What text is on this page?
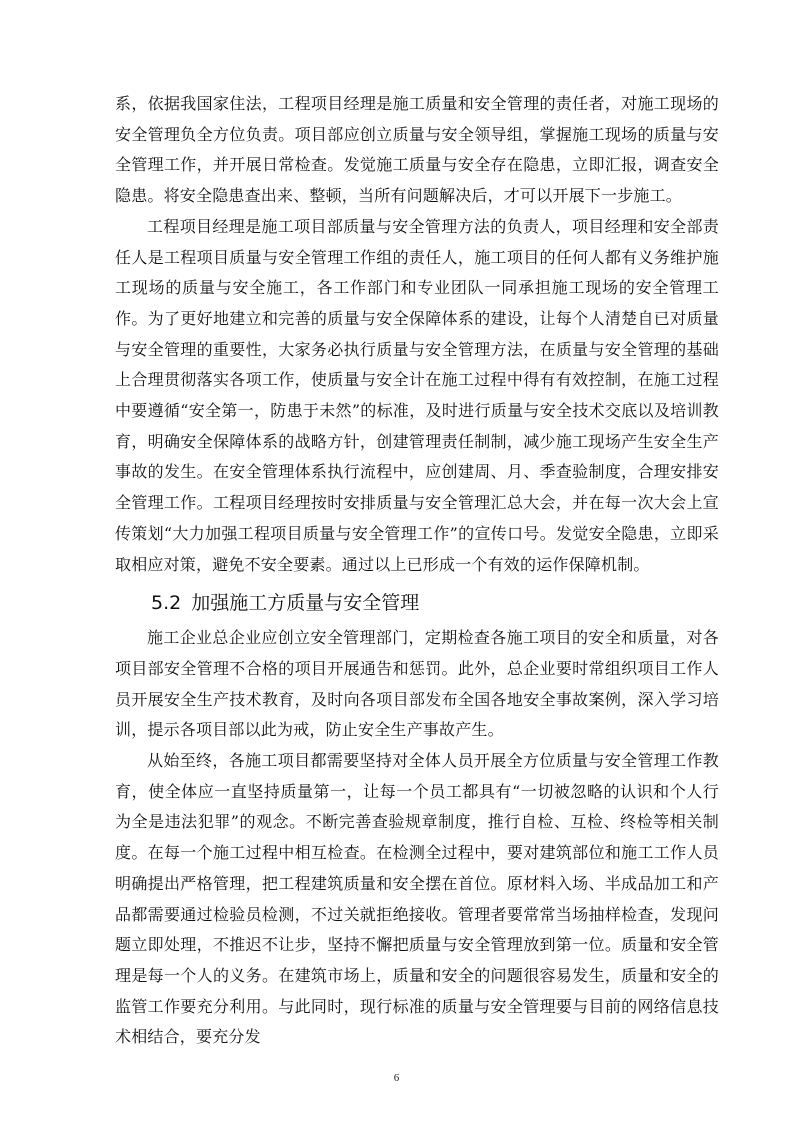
系，依据我国家住法，工程项目经理是施工质量和安全管理的责任者，对施工现场的安全管理负全方位负责。项目部应创立质量与安全领导组，掌握施工现场的质量与安全管理工作，并开展日常检查。发觉施工质量与安全存在隐患，立即汇报，调查安全隐患。将安全隐患查出来、整顿，当所有问题解决后，才可以开展下一步施工。

工程项目经理是施工项目部质量与安全管理方法的负责人，项目经理和安全部责任人是工程项目质量与安全管理工作组的责任人，施工项目的任何人都有义务维护施工现场的质量与安全施工，各工作部门和专业团队一同承担施工现场的安全管理工作。为了更好地建立和完善的质量与安全保障体系的建设，让每个人清楚自已对质量与安全管理的重要性，大家务必执行质量与安全管理方法，在质量与安全管理的基础上合理贯彻落实各项工作，使质量与安全计在施工过程中得有有效控制，在施工过程中要遵循“安全第一，防患于未然”的标准，及时进行质量与安全技术交底以及培训教育，明确安全保障体系的战略方针，创建管理责任制制，减少施工现场产生安全生产事故的发生。在安全管理体系执行流程中，应创建周、月、季查验制度，合理安排安全管理工作。工程项目经理按时安排质量与安全管理汇总大会，并在每一次大会上宣传策划“大力加强工程项目质量与安全管理工作”的宣传口号。发觉安全隐患，立即采取相应对策，避免不安全要素。通过以上已形成一个有效的运作保障机制。

5.2 加强施工方质量与安全管理

施工企业总企业应创立安全管理部门，定期检查各施工项目的安全和质量，对各项目部安全管理不合格的项目开展通告和惩罚。此外，总企业要时常组织项目工作人员开展安全生产技术教育，及时向各项目部发布全国各地安全事故案例，深入学习培训，提示各项目部以此为戒，防止安全生产事故产生。

从始至终，各施工项目都需要坚持对全体人员开展全方位质量与安全管理工作教育，使全体应一直坚持质量第一，让每一个员工都具有“一切被忽略的认识和个人行为全是违法犯罪”的观念。不断完善查验规章制度，推行自检、互检、终检等相关制度。在每一个施工过程中相互检查。在检测全过程中，要对建筑部位和施工工作人员明确提出严格管理，把工程建筑质量和安全摆在首位。原材料入场、半成品加工和产品都需要通过检验员检测，不过关就拒绝接收。管理者要常常当场抽样检查，发现问题立即处理，不推迟不让步，坚持不懈把质量与安全管理放到第一位。质量和安全管理是每一个人的义务。在建筑市场上，质量和安全的问题很容易发生，质量和安全的监管工作要充分利用。与此同时，现行标准的质量与安全管理要与目前的网络信息技术相结合，要充分发

6
